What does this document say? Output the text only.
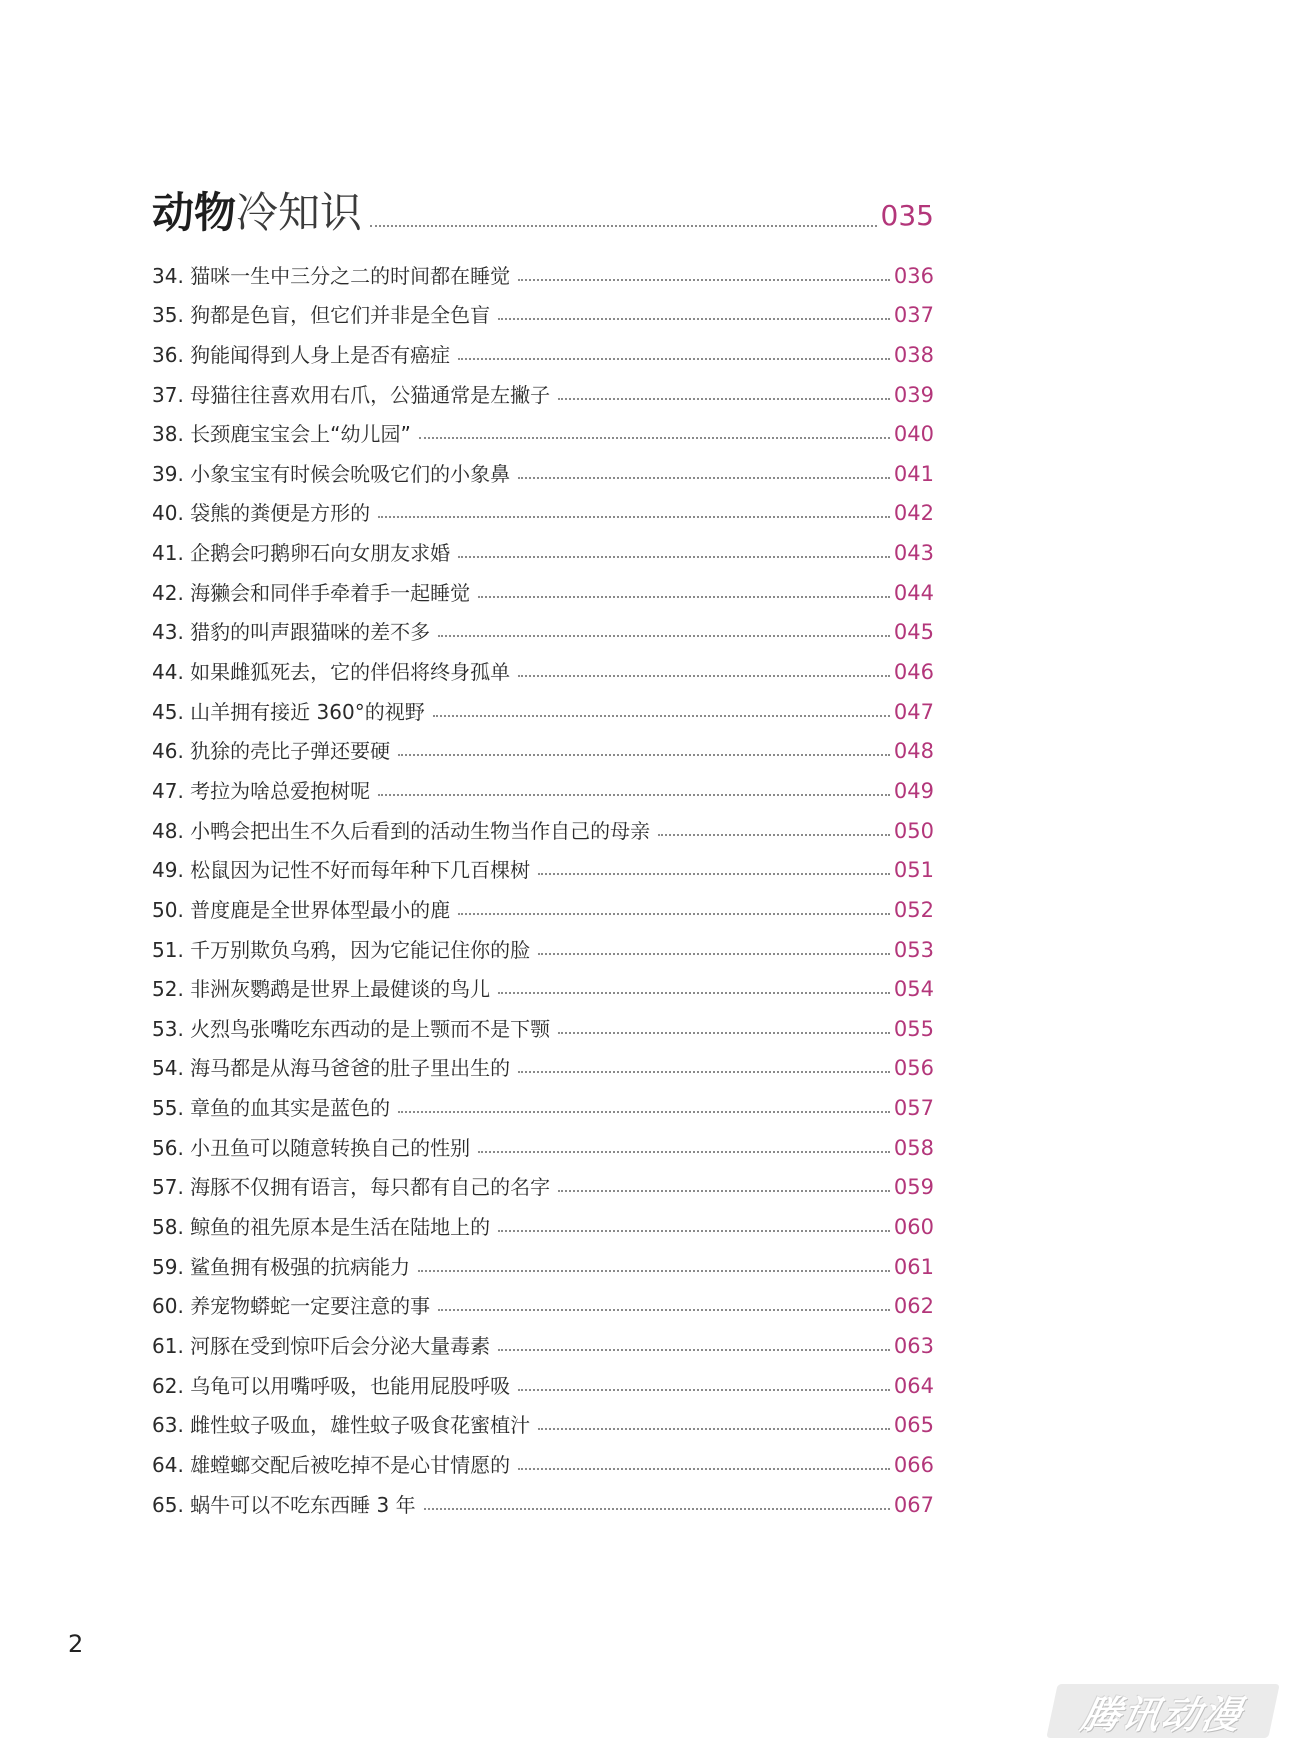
动物冷知识	035
34. 猫咪一生中三分之二的时间都在睡觉	036
35. 狗都是色盲，但它们并非是全色盲	037
36. 狗能闻得到人身上是否有癌症	038
37. 母猫往往喜欢用右爪，公猫通常是左撇子	039
38. 长颈鹿宝宝会上“幼儿园”	040
39. 小象宝宝有时候会吮吸它们的小象鼻	041
40. 袋熊的粪便是方形的	042
41. 企鹅会叼鹅卵石向女朋友求婚	043
42. 海獭会和同伴手牵着手一起睡觉	044
43. 猎豹的叫声跟猫咪的差不多	045
44. 如果雌狐死去，它的伴侣将终身孤单	046
45. 山羊拥有接近 360°的视野	047
46. 犰狳的壳比子弹还要硬	048
47. 考拉为啥总爱抱树呢	049
48. 小鸭会把出生不久后看到的活动生物当作自己的母亲	050
49. 松鼠因为记性不好而每年种下几百棵树	051
50. 普度鹿是全世界体型最小的鹿	052
51. 千万别欺负乌鸦，因为它能记住你的脸	053
52. 非洲灰鹦鹉是世界上最健谈的鸟儿	054
53. 火烈鸟张嘴吃东西动的是上颚而不是下颚	055
54. 海马都是从海马爸爸的肚子里出生的	056
55. 章鱼的血其实是蓝色的	057
56. 小丑鱼可以随意转换自己的性别	058
57. 海豚不仅拥有语言，每只都有自己的名字	059
58. 鲸鱼的祖先原本是生活在陆地上的	060
59. 鲨鱼拥有极强的抗病能力	061
60. 养宠物蟒蛇一定要注意的事	062
61. 河豚在受到惊吓后会分泌大量毒素	063
62. 乌龟可以用嘴呼吸，也能用屁股呼吸	064
63. 雌性蚊子吸血，雄性蚊子吸食花蜜植汁	065
64. 雄螳螂交配后被吃掉不是心甘情愿的	066
65. 蜗牛可以不吃东西睡 3 年	067
2
腾讯动漫
